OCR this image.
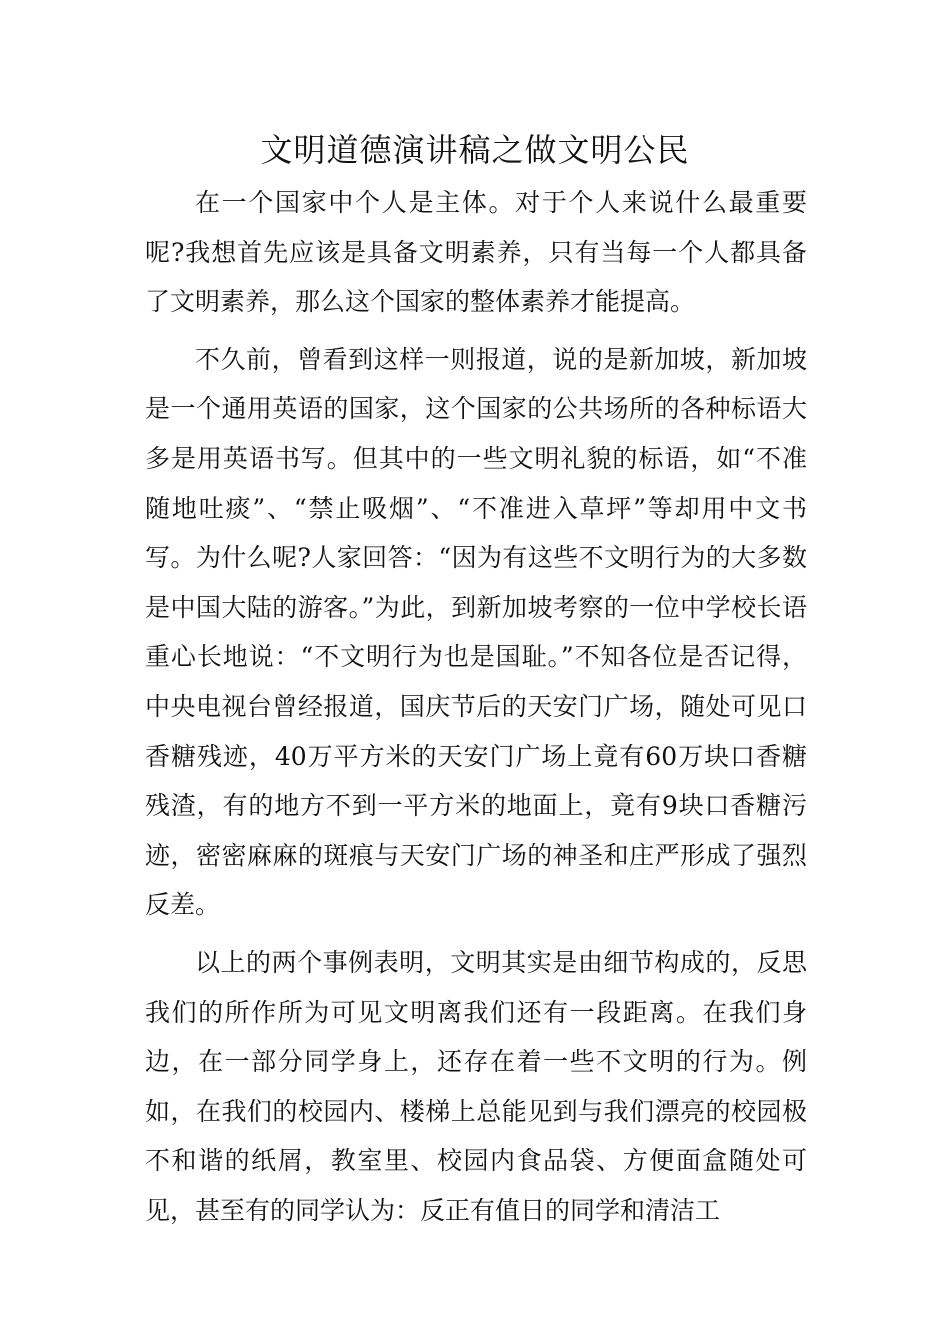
文明道德演讲稿之做文明公民

在一个国家中个人是主体。对于个人来说什么最重要呢?我想首先应该是具备文明素养，只有当每一个人都具备了文明素养，那么这个国家的整体素养才能提高。

不久前，曾看到这样一则报道，说的是新加坡，新加坡是一个通用英语的国家，这个国家的公共场所的各种标语大多是用英语书写。但其中的一些文明礼貌的标语，如“不准随地吐痰”、“禁止吸烟”、“不准进入草坪”等却用中文书写。为什么呢?人家回答：“因为有这些不文明行为的大多数是中国大陆的游客。”为此，到新加坡考察的一位中学校长语重心长地说：“不文明行为也是国耻。”不知各位是否记得，中央电视台曾经报道，国庆节后的天安门广场，随处可见口香糖残迹，40万平方米的天安门广场上竟有60万块口香糖残渣，有的地方不到一平方米的地面上，竟有9块口香糖污迹，密密麻麻的斑痕与天安门广场的神圣和庄严形成了强烈反差。

以上的两个事例表明，文明其实是由细节构成的，反思我们的所作所为可见文明离我们还有一段距离。在我们身边，在一部分同学身上，还存在着一些不文明的行为。例如，在我们的校园内、楼梯上总能见到与我们漂亮的校园极不和谐的纸屑，教室里、校园内食品袋、方便面盒随处可见，甚至有的同学认为：反正有值日的同学和清洁工
